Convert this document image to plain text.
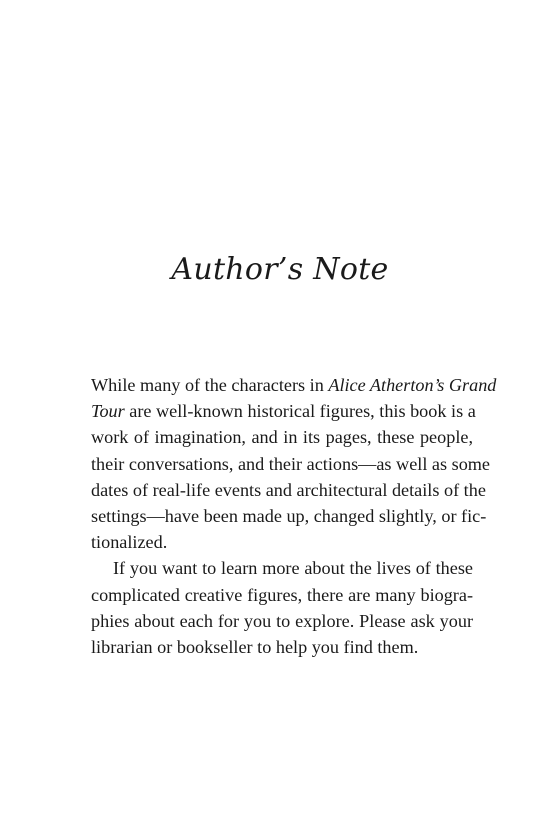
Author’s Note
While many of the characters in Alice Atherton’s Grand
Tour are well-known historical figures, this book is a
work of imagination, and in its pages, these people,
their conversations, and their actions—as well as some
dates of real-life events and architectural details of the
settings—have been made up, changed slightly, or fic-
tionalized.
If you want to learn more about the lives of these
complicated creative figures, there are many biogra-
phies about each for you to explore. Please ask your
librarian or bookseller to help you find them.
